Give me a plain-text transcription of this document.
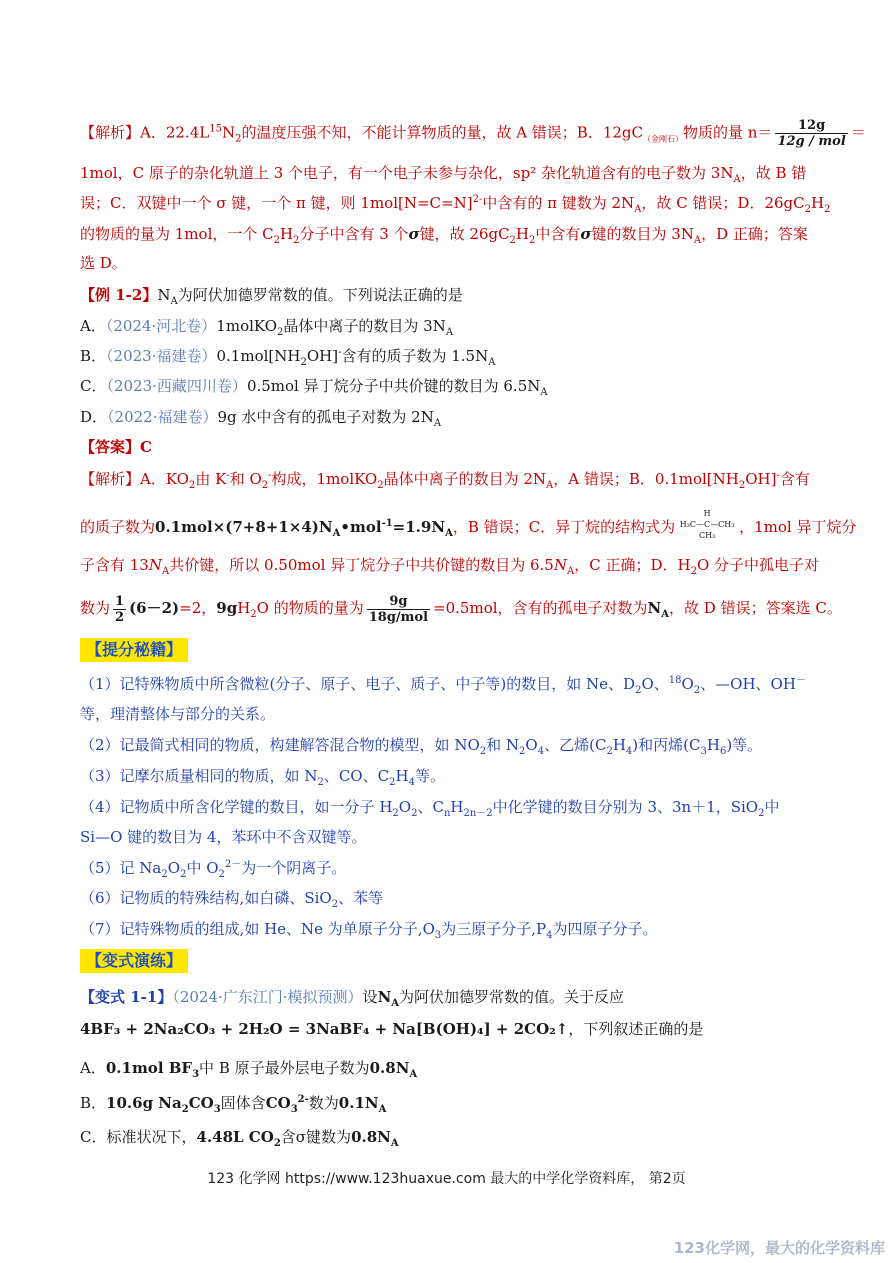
【解析】A．$22.4L^{15}N_2$的温度压强不知，不能计算物质的量，故 A 错误；B．$12gC_{(金刚石)}$物质的量 $n= \frac{12g}{\text{12g / mol}}$ ＝
1mol，C 原子的杂化轨道上 3 个电子，有一个电子未参与杂化，sp² 杂化轨道含有的电子数为 $3N_A$，故 B 错
误；C．双键中一个 σ 键，一个 π 键，则 1mol[N=C=N]$^{2-}$中含有的 π 键数为 $2N_A$，故 C 错误；D．$26gC_2H_2$
的物质的量为 1mol，一个 $C_2H_2$分子中含有 3 个σ键，故 $26gC_2H_2$中含有σ键的数目为 $3N_A$，D 正确；答案
选 D。
【例 1-2】$N_A$为阿伏加德罗常数的值。下列说法正确的是
A．（2024·河北卷）1molKO$_2$晶体中离子的数目为 $3N_A$
B．（2023·福建卷）$0.1mol[NH_2OH]^-$含有的质子数为 $1.5N_A$
C．（2023·西藏四川卷）0.5mol 异丁烷分子中共价键的数目为 $6.5N_A$
D．（2022·福建卷）9g 水中含有的孤电子对数为 $2N_A$
【答案】C
【解析】A．$KO_2$由 K-和 $O_2^-$构成，1molKO$_2$晶体中离子的数目为 $2N_A$，A 错误；B．$0.1mol[NH_2OH]^-$含有
的质子数为$0.1mol\times(7+8+1\times 4)N_A•mol^{-1}=1.9N_A$，B 错误；C．异丁烷的结构式为
H
H₃C—C—CH₃
CH₃	，1mol 异丁烷分
子含有 $13N_A$共价键，所以 0.50mol 异丁烷分子中共价键的数目为 $6.5N_A$，C 正确；D．$H_2O$ 分子中孤电子对
数为 $\frac{1}{2} (6-2)=2$，$9gH_2O$ 的物质的量为 $\frac{9g}{\text{18g/mol}} =0.5mol$，含有的孤电子对数为$N_A$，故 D 错误；答案选 C。
【提分秘籍】
（1）记特殊物质中所含微粒(分子、原子、电子、质子、中子等)的数目，如 Ne、$D_2O$、$^{18}O_2$、—OH、OH－
等，理清整体与部分的关系。
（2）记最简式相同的物质，构建解答混合物的模型，如 $NO_2$和 $N_2O_4$、乙烯$(C_2H_4)$和丙烯$(C_3H_6)$等。
（3）记摩尔质量相同的物质，如 $N_2$、CO、$C_2H_4$等。
（4）记物质中所含化学键的数目，如一分子 $H_2O_2$、$C_nH_{2n-2}$中化学键的数目分别为 3、3n＋1，SiO$_2$中
Si—O 键的数目为 4，苯环中不含双键等。
（5）记 $Na_2O_2$中 $O_2^{2-}$为一个阴离子。
（6）记物质的特殊结构,如白磷、SiO$_2$、苯等
（7）记特殊物质的组成,如 He、Ne 为单原子分子$,O_3$为三原子分子$,P_4$为四原子分子。
【变式演练】
【变式 1-1】（2024·广东江门·模拟预测）设$N_A$为阿伏加德罗常数的值。关于反应
4BF₃ + 2Na₂CO₃ + 2H₂O = 3NaBF₄ + Na[B(OH)₄] + 2CO₂↑，下列叙述正确的是
A．0.1mol $BF_3$中 B 原子最外层电子数为$0.8N_A$
B．10.6g $Na_2CO_3$固体含$CO_3^{2-}$数为$0.1N_A$
C．标准状况下，4.48L $CO_2$含σ键数为$0.8N_A$
123 化学网 https://www.123huaxue.com 最大的中学化学资料库， 第2页
123化学网，最大的化学资料库
